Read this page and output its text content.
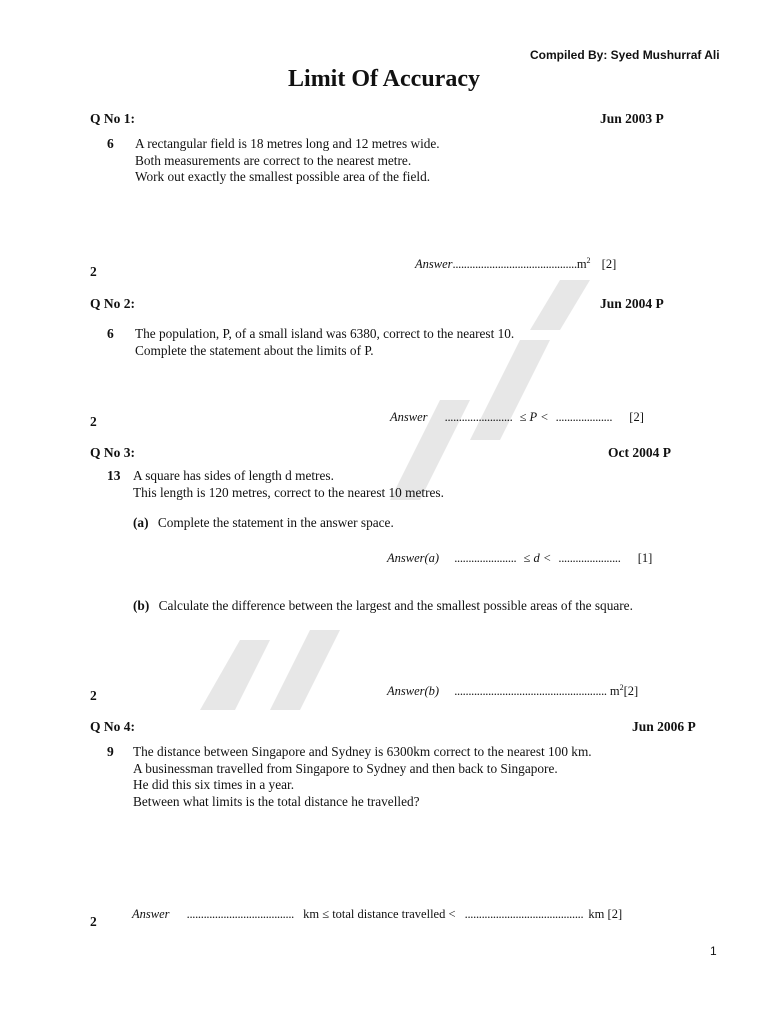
Compiled By: Syed Mushurraf Ali
Limit Of Accuracy
Q No 1:	Jun 2003 P
6 A rectangular field is 18 metres long and 12 metres wide.
Both measurements are correct to the nearest metre.
Work out exactly the smallest possible area of the field.
$Answer............................................m^2$ [2]
2
Q No 2:	Jun 2004 P
6 The population, P, of a small island was 6380, correct to the nearest 10.
Complete the statement about the limits of P.
Answer ........................ ≤ P < .................... [2]
2
Q No 3:	Oct 2004 P
13 A square has sides of length d metres.
This length is 120 metres, correct to the nearest 10 metres.
(a) Complete the statement in the answer space.
Answer(a) ...................... ≤ d < ...................... [1]
(b) Calculate the difference between the largest and the smallest possible areas of the square.
Answer(b) ...................................................... $m^2[2]$
2
Q No 4:	Jun 2006 P
9 The distance between Singapore and Sydney is 6300km correct to the nearest 100 km.
A businessman travelled from Singapore to Sydney and then back to Singapore.
He did this six times in a year.
Between what limits is the total distance he travelled?
Answer ...................................... km ≤ total distance travelled < .......................................... km [2]
2
1
